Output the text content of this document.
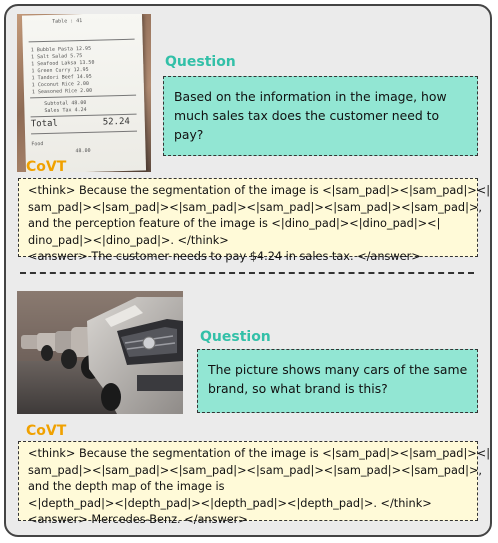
Table : 41
1 Bubble Pasta 12.95
1 Salt Salad 5.75
1 Seafood Laksa 13.50
1 Green Curry 12.95
1 Tandori Beef 14.95
1 Coconut Rice 2.00
1 Seasoned Rice 2.00
Subtotal 48.00
Sales Tax 4.24
Total	52.24
Food
48.00
Question
Based on the information in the image, how
much sales tax does the customer need to pay?
CoVT
<think> Because the segmentation of the image is <|sam_pad|><|sam_pad|><|
sam_pad|><|sam_pad|><|sam_pad|><|sam_pad|><|sam_pad|><|sam_pad|>,
and the perception feature of the image is <|dino_pad|><|dino_pad|><|
dino_pad|><|dino_pad|>. </think>
<answer> The customer needs to pay $4.24 in sales tax. </answer>
Question
The picture shows many cars of the same
brand, so what brand is this?
CoVT
<think> Because the segmentation of the image is <|sam_pad|><|sam_pad|><|
sam_pad|><|sam_pad|><|sam_pad|><|sam_pad|><|sam_pad|><|sam_pad|>,
and the depth map of the image is
<|depth_pad|><|depth_pad|><|depth_pad|><|depth_pad|>. </think>
<answer> Mercedes-Benz. </answer>
